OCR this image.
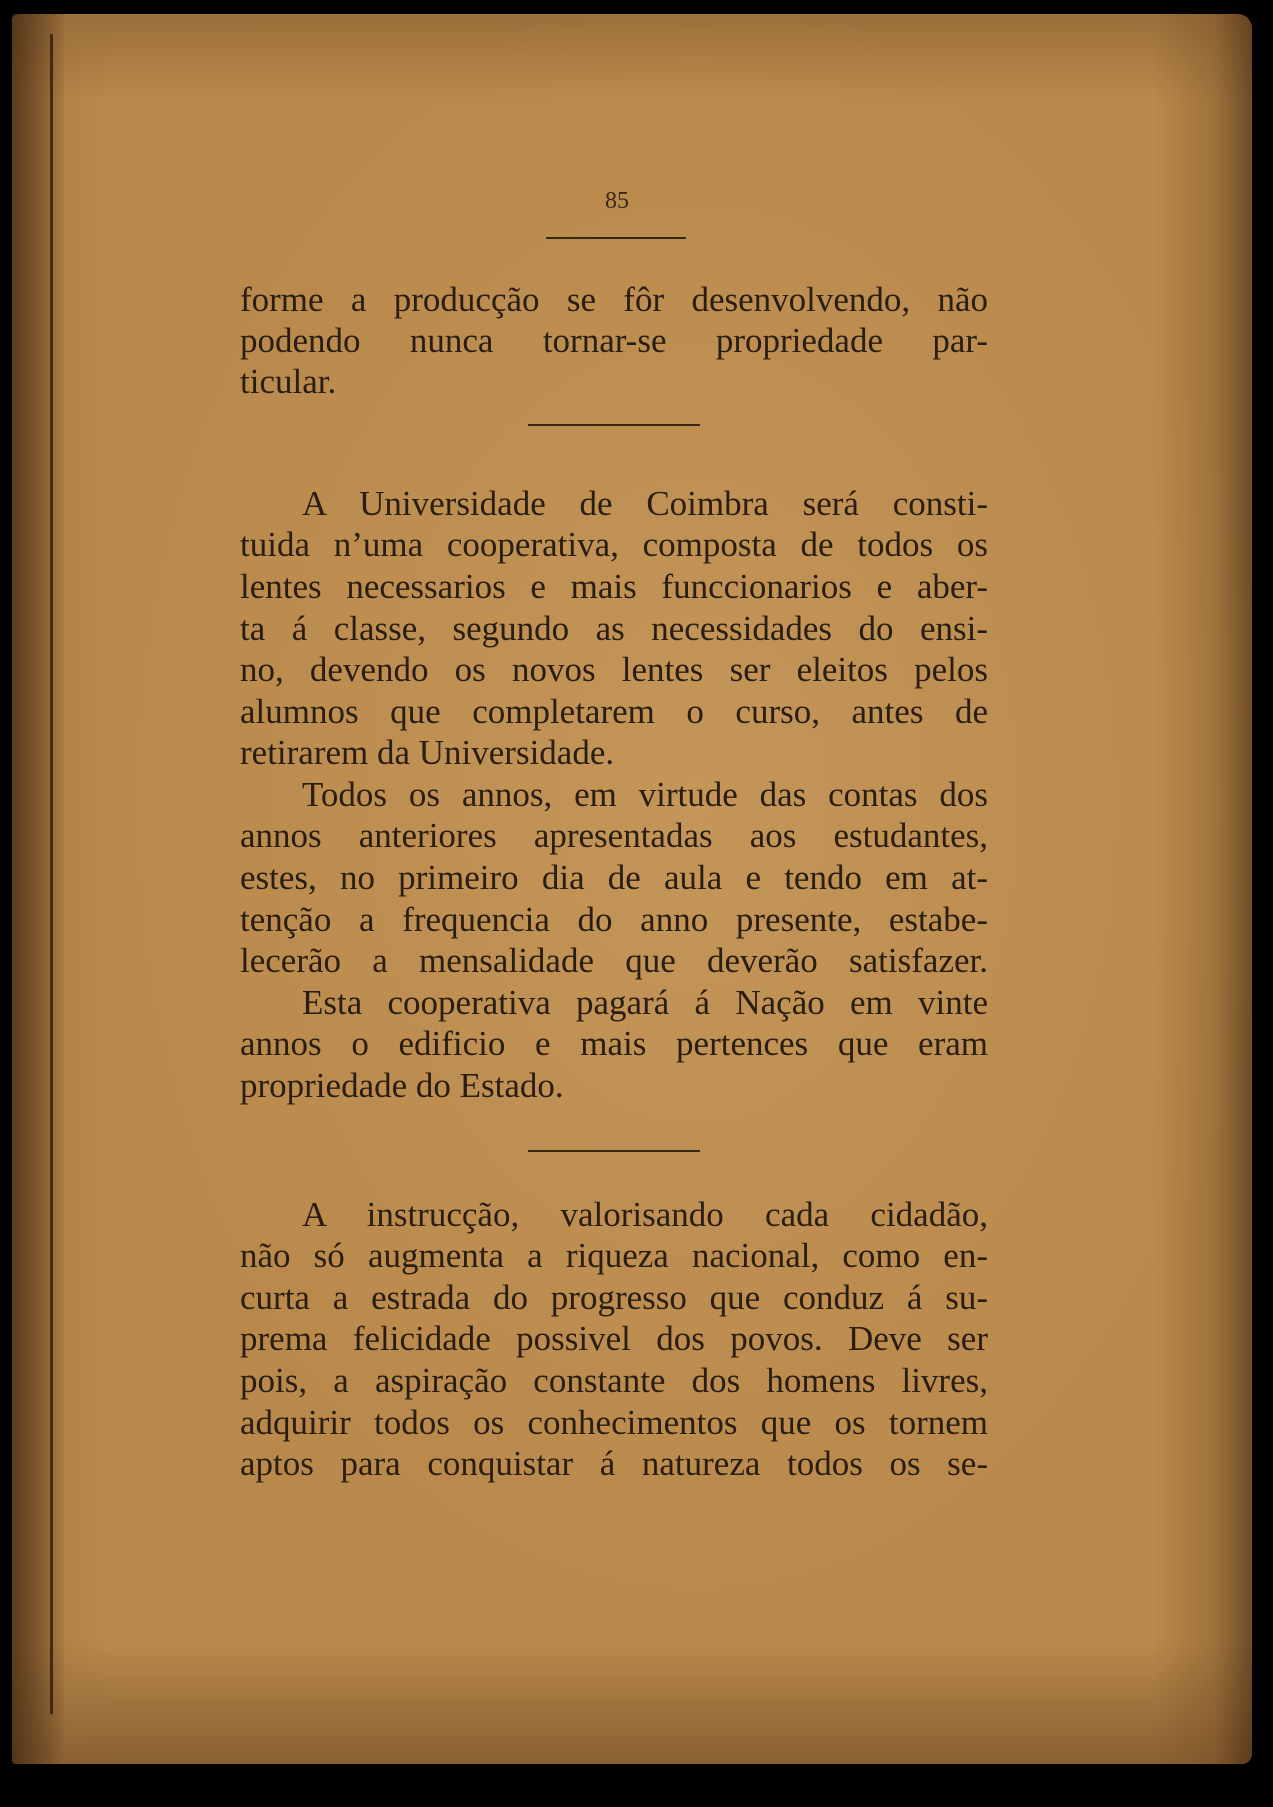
85
forme a producção se fôr desenvolvendo, não
podendo nunca tornar-se propriedade par-
ticular.
A Universidade de Coimbra será consti-
tuida n’uma cooperativa, composta de todos os
lentes necessarios e mais funccionarios e aber-
ta á classe, segundo as necessidades do ensi-
no, devendo os novos lentes ser eleitos pelos
alumnos que completarem o curso, antes de
retirarem da Universidade.
Todos os annos, em virtude das contas dos
annos anteriores apresentadas aos estudantes,
estes, no primeiro dia de aula e tendo em at-
tenção a frequencia do anno presente, estabe-
lecerão a mensalidade que deverão satisfazer.
Esta cooperativa pagará á Nação em vinte
annos o edificio e mais pertences que eram
propriedade do Estado.
A instrucção, valorisando cada cidadão,
não só augmenta a riqueza nacional, como en-
curta a estrada do progresso que conduz á su-
prema felicidade possivel dos povos. Deve ser
pois, a aspiração constante dos homens livres,
adquirir todos os conhecimentos que os tornem
aptos para conquistar á natureza todos os se-
